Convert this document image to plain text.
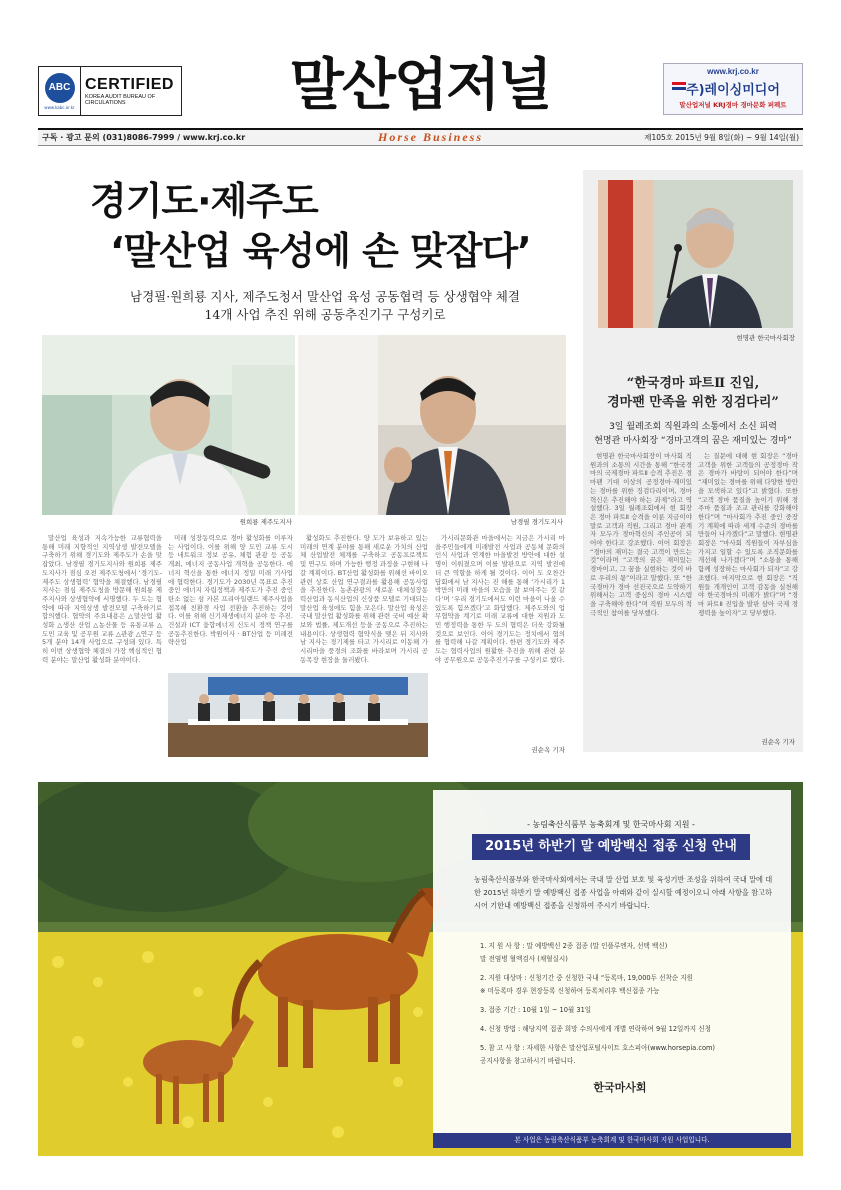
ABC
www.kabc.or.kr
CERTIFIED
KOREA AUDIT BUREAU OF
CIRCULATIONS	말산업저널	www.krj.co.kr
주)레이싱미디어
말산업저널 KRJ경마 경마문화 퍼펙트
구독 · 광고 문의 (031)8086-7999 / www.krj.co.kr	Horse Business	제105호 2015년 9월 8일(화) ~ 9월 14일(월)
경기도·제주도
‘말산업 육성에 손 맞잡다’
남경필·원희룡 지사, 제주도청서 말산업 육성 공동협력 등 상생협약 체결
14개 사업 추진 위해 공동추진기구 구성키로
원희룡 제주도지사	남경필 경기도지사

말산업 육성과 지속가능한 교류협력을 통해 미래 지향적인 지역상생 발전모델을 구축하기 위해 경기도와 제주도가 손을 맞잡았다. 남경필 경기도지사와 원희룡 제주도지사가 점심 오전 제주도청에서 ‘경기도-제주도 상생협력’ 협약을 체결했다. 남경필 지사는 점심 제주도청을 방문해 원희룡 제주지사와 상생협약에 서명했다. 두 도는 협약에 따라 지역상생 발전모델 구축하기로 합의했다. 협약의 주요내용은 △말산업 활성화 △생산 산업 △농산물 등 유통교류 △도민 교육 및 공무원 교류 △관광 △연구 등 5개 분야 14개 사업으로 구성돼 있다. 특히 이번 상생협약 체결의 가장 핵심적인 협력 분야는 말산업 활성화 분야이다.

미래 성장동력으로 경마 활성화를 이루자는 사업이다. 이를 위해 양 도민 교류 도시 등 네트워크 정보 공유, 체험 관광 등 공동 개최, 에너지 공동사업 개혁을 공동한다. 에너지 혁신을 통한 에너지 정밀 미래 기사업에 협력한다. 경기도가 2030년 목표로 추진 중인 에너지 자립정책과 제주도가 추진 중인 탄소 없는 섬 카본 프리아일랜드 제주사업을 접목해 친환경 사업 전환을 추진하는 것이다. 이를 위해 신기재생에너지 분야 등 추진. 건설과 ICT 융합에너지 신도시 정책 연구를 공동추진한다. 박원이사 · BT산업 등 미래전략산업

활성화도 추진한다. 양 도가 보유하고 있는 미래의 연계 분야를 통해 새로운 가치의 산업체 산업발전 체계를 구축하고 공동프로젝트 및 연구도 하며 가능한 행정 과정을 구현해 나갈 계획이다. BT산업 활성화를 위해선 바이오 관련 상호 산업 연구결과를 활용해 공동사업을 추진한다. 농촌관광의 새로운 대체성장동력산업과 동식산업의 신상품 모델로 기대되는 말산업 육성에도 힘을 모은다. 말산업 육성은 국내 말산업 활성화를 위해 관련 국비 예산 확보와 법률, 제도개선 등을 공동으로 추진하는 내용이다. 상생협력 협약식을 맺은 뒤 지사와 남 지사는 경기제를 타고 가시리로 이동해 가시리마을 풍경의 조화를 바라보며 가시리 공동목장 현장을 둘러봤다.

가시리문화관 마을에서는 지금은 가시리 마을주민들에게 미래발전 사업과 공동체 문화의 인식 사업과 연계한 마을발전 방안에 대한 설명이 이뤄졌으며 이를 발판으로 지역 발전에 더 큰 역할을 하게 될 것이다. 이어 도 오찬간담회에서 남 지사는 진 해를 통해 ‘가시리가 1박만의 미래 마을의 모습을 잘 보여주는 것 같다’며 ‘우리 경기도에서도 이런 마을이 나올 수 있도록 힘쓰겠다’고 화답했다. 제주도와의 업무협약을 계기로 미래 교류에 대한 지원과 도민 행정력을 통한 두 도의 협력은 더욱 강화될 것으로 보인다. 이어 경기도는 정치에서 협의를 협력해 나갈 계획이다. 한편 경기도와 제주도는 협력사업의 원활한 추진을 위해 관련 분야 공무원으로 공동추진기구를 구성키로 했다.

권순옥 기자
현명관 한국마사회장
“한국경마 파트Ⅱ 진입,
경마팬 만족을 위한 징검다리”
3일 월례조회 직원과의 소통에서 소신 피력
현명관 마사회장 “경마고객의 꿈은 재미있는 경마”

현명관 한국마사회장이 마사회 직원과의 소통의 시간을 통해 “한국경마의 국제경마 파트Ⅱ 승격 추진은 경마팬 기대 이상의 공정경마·재미있는 경마를 위한 징검다리이며, 경마혁신은 추진해야 하는 과제”라고 역설했다. 3일 월례조회에서 현 회장은 경마 파트Ⅱ 승격을 이룬 지금이야말로 고객과 직원, 그리고 경마 관계자 모두가 경마혁신의 주인공이 되어야 한다고 강조했다. 이어 회장은 “경마의 재미는 결국 고객이 만드는 것”이라며 “고객의 꿈은 재미있는 경마이고, 그 꿈을 실현하는 것이 바로 우리의 몫”이라고 말했다. 또 “한국경마가 경마 선진국으로 도약하기 위해서는 고객 중심의 경마 시스템을 구축해야 한다”며 직원 모두의 적극적인 참여를 당부했다.

는 질문에 대해 현 회장은 “경마고객을 위한 고객들의 공정경마 작은 경마가 바탕이 되어야 한다”며 “재미있는 경마를 위해 다양한 방안을 모색하고 있다”고 밝혔다. 또한 “고객 경마 품질을 높이기 위해 경주마 품질과 조교 관리를 강화해야 한다”며 “마사회가 추진 중인 중장기 계획에 따라 세계 수준의 경마를 만들어 나가겠다”고 말했다. 현명관 회장은 “마사회 직원들이 자부심을 가지고 일할 수 있도록 조직문화를 개선해 나가겠다”며 “소통을 통해 함께 성장하는 마사회가 되자”고 강조했다. 마지막으로 현 회장은 “직원들 개개인이 고객 감동을 실천해야 한국경마의 미래가 밝다”며 “경마 파트Ⅱ 진입을 발판 삼아 국제 경쟁력을 높이자”고 당부했다.

권순옥 기자
- 농림축산식품부 농축회계 및 한국마사회 지원 -
2015년 하반기 말 예방백신 접종 신청 안내
농림축산식품부와 한국마사회에서는 국내 말 산업 보호 및 육성기반 조성을 위하여 국내 말에 대한 2015년 하반기 말 예방백신 접종 사업을 아래와 같이 실시할 예정이오니 아래 사항을 참고하시어 기한내 예방백신 접종을 신청하여 주시기 바랍니다.
1. 지 원 사 항 : 말 예방백신 2종 접종 (말 인플루엔자, 선택 백신)
말 전염병 혈액검사 (채혈실시)
2. 지원 대상마 : 신청기간 중 신청한 국내 “등록마, 19,000두 선착순 지원
※ 미등록마 경우 현장등록 신청하여 등록처리후 백신접종 가능
3. 접종 기간 : 10월 1일 ~ 10월 31일
4. 신청 방법 : 해당지역 접종 희망 수의사에게 개별 연락하여 9월 12일까지 신청
5. 참 고 사 항 : 자세한 사항은 말산업포털사이트 호스피아(www.horsepia.com)
공지사항을 참고하시기 바랍니다.
한국마사회
본 사업은 농림축산식품부 농축회계 및 한국마사회 지원 사업입니다.
